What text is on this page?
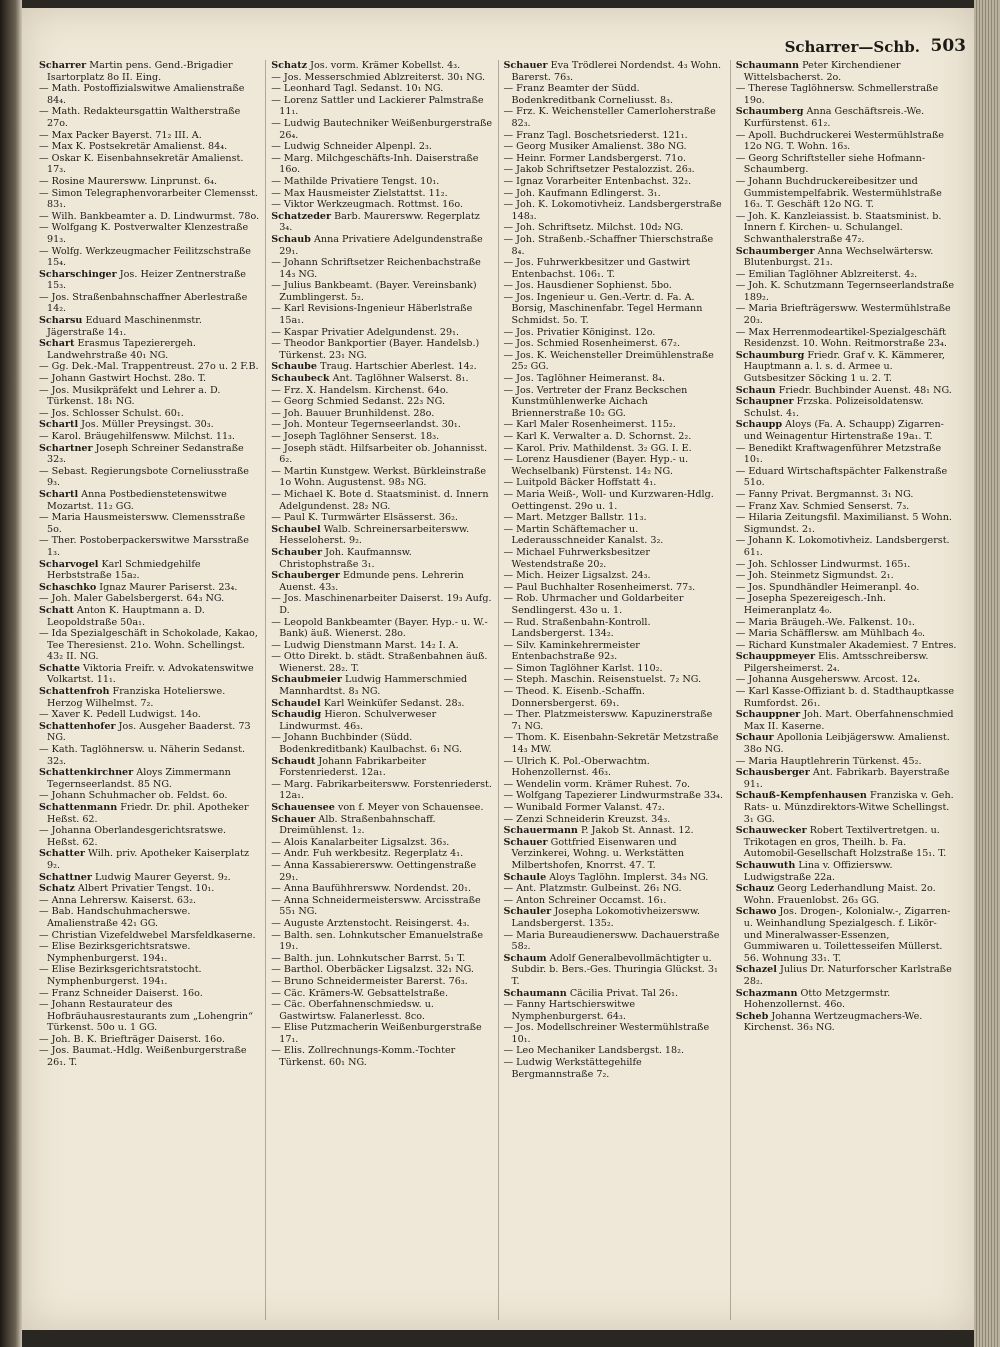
Scharrer—Schb. 503

Scharrer Martin pens. Gend.-Brigadier Isartorplatz 8o II. Eing.

— Math. Postoffizialswitwe Amalienstraße 84₄.

— Math. Redakteursgattin Waltherstraße 27o.

— Max Packer Bayerst. 71₂ III. A.

— Max K. Postsekretär Amalienst. 84₄.

— Oskar K. Eisenbahnsekretär Amalienst. 17₃.

— Rosine Maurersww. Linprunst. 6₄.

— Simon Telegraphenvorarbeiter Clemensst. 83₁.

— Wilh. Bankbeamter a. D. Lindwurmst. 78o.

— Wolfgang K. Postverwalter Klenzestraße 91₃.

— Wolfg. Werkzeugmacher Feilitzschstraße 15₄.

Scharschinger Jos. Heizer Zentnerstraße 15₃.

— Jos. Straßenbahnschaffner Aberlestraße 14₂.

Scharsu Eduard Maschinenmstr. Jägerstraße 14₁.

Schart Erasmus Tapezierergeh. Landwehrstraße 40₁ NG.

— Gg. Dek.-Mal. Trappentreust. 27o u. 2 F.B.

— Johann Gastwirt Hochst. 28o. T.

— Jos. Musikpräfekt und Lehrer a. D. Türkenst. 18₁ NG.

— Jos. Schlosser Schulst. 60₁.

Schartl Jos. Müller Preysingst. 30₃.

— Karol. Bräugehilfensww. Milchst. 11₃.

Schartner Joseph Schreiner Sedanstraße 32₃.

— Sebast. Regierungsbote Corneliusstraße 9₃.

Schartl Anna Postbedienstetenswitwe Mozartst. 11₂ GG.

— Maria Hausmeistersww. Clemensstraße 5o.

— Ther. Postoberpackerswitwe Marsstraße 1₃.

Scharvogel Karl Schmiedgehilfe Herbststraße 15a₂.

Schaschko Ignaz Maurer Pariserst. 23₄.

— Joh. Maler Gabelsbergerst. 64₃ NG.

Schatt Anton K. Hauptmann a. D. Leopoldstraße 50a₁.

— Ida Spezialgeschäft in Schokolade, Kakao, Tee Theresienst. 21o. Wohn. Schellingst. 43₂ II. NG.

Schatte Viktoria Freifr. v. Advokatenswitwe Volkartst. 11₁.

Schattenfroh Franziska Hotelierswe. Herzog Wilhelmst. 7₂.

— Xaver K. Pedell Ludwigst. 14o.

Schattenhofer Jos. Ausgeher Baaderst. 73 NG.

— Kath. Taglöhnersw. u. Näherin Sedanst. 32₃.

Schattenkirchner Aloys Zimmermann Tegernseerlandst. 85 NG.

— Johann Schuhmacher ob. Feldst. 6o.

Schattenmann Friedr. Dr. phil. Apotheker Heßst. 62.

— Johanna Oberlandesgerichtsratswe. Heßst. 62.

Schatter Wilh. priv. Apotheker Kaiserplatz 9₂.

Schattner Ludwig Maurer Geyerst. 9₂.

Schatz Albert Privatier Tengst. 10₁.

— Anna Lehrersw. Kaiserst. 63₂.

— Bab. Handschuhmacherswe. Amalienstraße 42₁ GG.

— Christian Vizefeldwebel Marsfeldkaserne.

— Elise Bezirksgerichtsratswe. Nymphenburgerst. 194₁.

— Elise Bezirksgerichtsratstocht. Nymphenburgerst. 194₁.

— Franz Schneider Daiserst. 16o.

— Johann Restaurateur des Hofbräuhausrestaurants zum „Lohengrin“ Türkenst. 50o u. 1 GG.

— Joh. B. K. Briefträger Daiserst. 16o.

— Jos. Baumat.-Hdlg. Weißenburgerstraße 26₁. T.

Schatz Jos. vorm. Krämer Kobellst. 4₃.

— Jos. Messerschmied Ablzreiterst. 30₁ NG.

— Leonhard Tagl. Sedanst. 10₁ NG.

— Lorenz Sattler und Lackierer Palmstraße 11₁.

— Ludwig Bautechniker Weißenburgerstraße 26₄.

— Ludwig Schneider Alpenpl. 2₃.

— Marg. Milchgeschäfts-Inh. Daiserstraße 16o.

— Mathilde Privatiere Tengst. 10₁.

— Max Hausmeister Zielstattst. 11₂.

— Viktor Werkzeugmach. Rottmst. 16o.

Schatzeder Barb. Maurersww. Regerplatz 3₄.

Schaub Anna Privatiere Adelgundenstraße 29₁.

— Johann Schriftsetzer Reichenbachstraße 14₃ NG.

— Julius Bankbeamt. (Bayer. Vereinsbank) Zumblingerst. 5₂.

— Karl Revisions-Ingenieur Häberlstraße 15a₁.

— Kaspar Privatier Adelgundenst. 29₁.

— Theodor Bankportier (Bayer. Handelsb.) Türkenst. 23₁ NG.

Schaube Traug. Hartschier Aberlest. 14₂.

Schaubeck Ant. Taglöhner Walserst. 8₁.

— Frz. X. Handelsm. Kirchenst. 64o.

— Georg Schmied Sedanst. 22₃ NG.

— Joh. Bauuer Brunhildenst. 28o.

— Joh. Monteur Tegernseerlandst. 30₁.

— Joseph Taglöhner Senserst. 18₃.

— Joseph städt. Hilfsarbeiter ob. Johannisst. 6₂.

— Martin Kunstgew. Werkst. Bürkleinstraße 1o Wohn. Augustenst. 98₃ NG.

— Michael K. Bote d. Staatsminist. d. Innern Adelgundenst. 28₂ NG.

— Paul K. Turmwärter Elsässerst. 36₂.

Schaubel Walb. Schreinersarbeitersww. Hesseloherst. 9₂.

Schauber Joh. Kaufmannsw. Christophstraße 3₁.

Schauberger Edmunde pens. Lehrerin Auenst. 43₃.

— Jos. Maschinenarbeiter Daiserst. 19₃ Aufg. D.

— Leopold Bankbeamter (Bayer. Hyp.- u. W.-Bank) äuß. Wienerst. 28o.

— Ludwig Dienstmann Marst. 14₂ I. A.

— Otto Direkt. b. städt. Straßenbahnen äuß. Wienerst. 28₂. T.

Schaubmeier Ludwig Hammerschmied Mannhardtst. 8₃ NG.

Schaudel Karl Weinküfer Sedanst. 28₃.

Schaudig Hieron. Schulverweser Lindwurmst. 46₃.

— Johann Buchbinder (Südd. Bodenkreditbank) Kaulbachst. 6₁ NG.

Schaudt Johann Fabrikarbeiter Forstenriederst. 12a₁.

— Marg. Fabrikarbeitersww. Forstenriederst. 12a₁.

Schauensee von f. Meyer von Schauensee.

Schauer Alb. Straßenbahnschaff. Dreimühlenst. 1₂.

— Alois Kanalarbeiter Ligsalzst. 36₃.

— Andr. Fuh werkbesitz. Regerplatz 4₁.

— Anna Kassabierersww. Oettingenstraße 29₁.

— Anna Baufühhrersww. Nordendst. 20₁.

— Anna Schneidermeistersww. Arcisstraße 55₁ NG.

— Auguste Arztenstocht. Reisingerst. 4₃.

— Balth. sen. Lohnkutscher Emanuelstraße 19₁.

— Balth. jun. Lohnkutscher Barrst. 5₁ T.

— Barthol. Oberbäcker Ligsalzst. 32₁ NG.

— Bruno Schneidermeister Barerst. 76₃.

— Cäc. Krämers-W. Gebsattelstraße.

— Cäc. Oberfahnenschmiedsw. u. Gastwirtsw. Falanerlesst. 8co.

— Elise Putzmacherin Weißenburgerstraße 17₁.

— Elis. Zollrechnungs-Komm.-Tochter Türkenst. 60₁ NG.

Schauer Eva Trödlerei Nordendst. 4₃ Wohn. Barerst. 76₃.

— Franz Beamter der Südd. Bodenkreditbank Corneliusst. 8₃.

— Frz. K. Weichensteller Camerloherstraße 82₃.

— Franz Tagl. Boschetsriederst. 121₁.

— Georg Musiker Amalienst. 38o NG.

— Heinr. Former Landsbergerst. 71o.

— Jakob Schriftsetzer Pestalozzist. 26₃.

— Ignaz Vorarbeiter Entenbachst. 32₂.

— Joh. Kaufmann Edlingerst. 3₁.

— Joh. K. Lokomotivheiz. Landsbergerstraße 148₃.

— Joh. Schriftsetz. Milchst. 10d₂ NG.

— Joh. Straßenb.-Schaffner Thierschstraße 8₄.

— Jos. Fuhrwerkbesitzer und Gastwirt Entenbachst. 106₁. T.

— Jos. Hausdiener Sophienst. 5bo.

— Jos. Ingenieur u. Gen.-Vertr. d. Fa. A. Borsig, Maschinenfabr. Tegel Hermann Schmidst. 5o. T.

— Jos. Privatier Königinst. 12o.

— Jos. Schmied Rosenheimerst. 67₂.

— Jos. K. Weichensteller Dreimühlenstraße 25₂ GG.

— Jos. Taglöhner Heimeranst. 8₄.

— Jos. Vertreter der Franz Beckschen Kunstmühlenwerke Aichach Briennerstraße 10₂ GG.

— Karl Maler Rosenheimerst. 115₂.

— Karl K. Verwalter a. D. Schornst. 2₂.

— Karol. Priv. Mathildenst. 3₂ GG. I. E.

— Lorenz Hausdiener (Bayer. Hyp.- u. Wechselbank) Fürstenst. 14₂ NG.

— Luitpold Bäcker Hoffstatt 4₁.

— Maria Weiß-, Woll- und Kurzwaren-Hdlg. Oettingenst. 29o u. 1.

— Mart. Metzger Ballstr. 11₃.

— Martin Schäftemacher u. Lederausschneider Kanalst. 3₂.

— Michael Fuhrwerksbesitzer Westendstraße 20₂.

— Mich. Heizer Ligsalzst. 24₃.

— Paul Buchhalter Rosenheimerst. 77₃.

— Rob. Uhrmacher und Goldarbeiter Sendlingerst. 43o u. 1.

— Rud. Straßenbahn-Kontroll. Landsbergerst. 134₂.

— Silv. Kaminkehrermeister Entenbachstraße 92₃.

— Simon Taglöhner Karlst. 110₂.

— Steph. Maschin. Reisenstuelst. 7₂ NG.

— Theod. K. Eisenb.-Schaffn. Donnersbergerst. 69₁.

— Ther. Platzmeistersww. Kapuzinerstraße 7₁ NG.

— Thom. K. Eisenbahn-Sekretär Metzstraße 14₃ MW.

— Ulrich K. Pol.-Oberwachtm. Hohenzollernst. 46₃.

— Wendelin vorm. Krämer Ruhest. 7o.

— Wolfgang Tapezierer Lindwurmstraße 33₄.

— Wunibald Former Valanst. 47₂.

— Zenzi Schneiderin Kreuzst. 34₃.

Schauermann P. Jakob St. Annast. 12.

Schauer Gottfried Eisenwaren und Verzinkerei, Wohng. u. Werkstätten Milbertshofen, Knorrst. 47. T.

Schaule Aloys Taglöhn. Implerst. 34₃ NG.

— Ant. Platzmstr. Gulbeinst. 26₁ NG.

— Anton Schreiner Occamst. 16₁.

Schauler Josepha Lokomotivheizersww. Landsbergerst. 135₂.

— Maria Bureaudienersww. Dachauerstraße 58₂.

Schaum Adolf Generalbevollmächtigter u. Subdir. b. Bers.-Ges. Thuringia Glückst. 3₁ T.

Schaumann Cäcilia Privat. Tal 26₁.

— Fanny Hartschierswitwe Nymphenburgerst. 64₃.

— Jos. Modellschreiner Westermühlstraße 10₁.

— Leo Mechaniker Landsbergst. 18₂.

— Ludwig Werkstättegehilfe Bergmannstraße 7₂.

Schaumann Peter Kirchendiener Wittelsbacherst. 2o.

— Therese Taglöhnersw. Schmellerstraße 19o.

Schaumberg Anna Geschäftsreis.-We. Kurfürstenst. 61₂.

— Apoll. Buchdruckerei Westermühlstraße 12o NG. T. Wohn. 16₃.

— Georg Schriftsteller siehe Hofmann-Schaumberg.

— Johann Buchdruckereibesitzer und Gummistempelfabrik. Westermühlstraße 16₃. T. Geschäft 12o NG. T.

— Joh. K. Kanzleiassist. b. Staatsminist. b. Innern f. Kirchen- u. Schulangel. Schwanthalerstraße 47₂.

Schaumberger Anna Wechselwärtersw. Blutenburgst. 21₃.

— Emilian Taglöhner Ablzreiterst. 4₂.

— Joh. K. Schutzmann Tegernseerlandstraße 189₂.

— Maria Briefträgersww. Westermühlstraße 20₃.

— Max Herrenmodeartikel-Spezialgeschäft Residenzst. 10. Wohn. Reitmorstraße 23₄.

Schaumburg Friedr. Graf v. K. Kämmerer, Hauptmann a. l. s. d. Armee u. Gutsbesitzer Söcking 1 u. 2. T.

Schaun Friedr. Buchbinder Auenst. 48₁ NG.

Schaupner Frzska. Polizeisoldatensw. Schulst. 4₁.

Schaupp Aloys (Fa. A. Schaupp) Zigarren- und Weinagentur Hirtenstraße 19a₁. T.

— Benedikt Kraftwagenführer Metzstraße 10₁.

— Eduard Wirtschaftspächter Falkenstraße 51o.

— Fanny Privat. Bergmannst. 3₁ NG.

— Franz Xav. Schmied Senserst. 7₃.

— Hilaria Zeitungsfil. Maximilianst. 5 Wohn. Sigmundst. 2₁.

— Johann K. Lokomotivheiz. Landsbergerst. 61₁.

— Joh. Schlosser Lindwurmst. 165₁.

— Joh. Steinmetz Sigmundst. 2₁.

— Jos. Spundhändler Heimeranpl. 4o.

— Josepha Spezereigesch.-Inh. Heimeranplatz 4₀.

— Maria Bräugeh.-We. Falkenst. 10₁.

— Maria Schäfflersw. am Mühlbach 4₀.

— Richard Kunstmaler Akademiest. 7 Entres.

Schauppmeyer Elis. Amtsschreibersw. Pilgersheimerst. 2₄.

— Johanna Ausgehersww. Arcost. 12₄.

— Karl Kasse-Offiziant b. d. Stadthauptkasse Rumfordst. 26₁.

Schauppner Joh. Mart. Oberfahnenschmied Max II. Kaserne.

Schaur Apollonia Leibjägersww. Amalienst. 38o NG.

— Maria Hauptlehrerin Türkenst. 45₂.

Schausberger Ant. Fabrikarb. Bayerstraße 91₁.

Schauß-Kempfenhausen Franziska v. Geh. Rats- u. Münzdirektors-Witwe Schellingst. 3₁ GG.

Schauwecker Robert Textilvertretgen. u. Trikotagen en gros, Theilh. b. Fa. Automobil-Gesellschaft Holzstraße 15₁. T.

Schauwuth Lina v. Offiziersww. Ludwigstraße 22a.

Schauz Georg Lederhandlung Maist. 2o. Wohn. Frauenlobst. 26₃ GG.

Schawo Jos. Drogen-, Kolonialw.-, Zigarren- u. Weinhandlung Spezialgesch. f. Likör- und Mineralwasser-Essenzen, Gummiwaren u. Toilettesseifen Müllerst. 56. Wohnung 33₁. T.

Schazel Julius Dr. Naturforscher Karlstraße 28₂.

Schazmann Otto Metzgermstr. Hohenzollernst. 46o.

Schеb Johanna Wertzeugmachers-We. Kirchenst. 36₃ NG.
